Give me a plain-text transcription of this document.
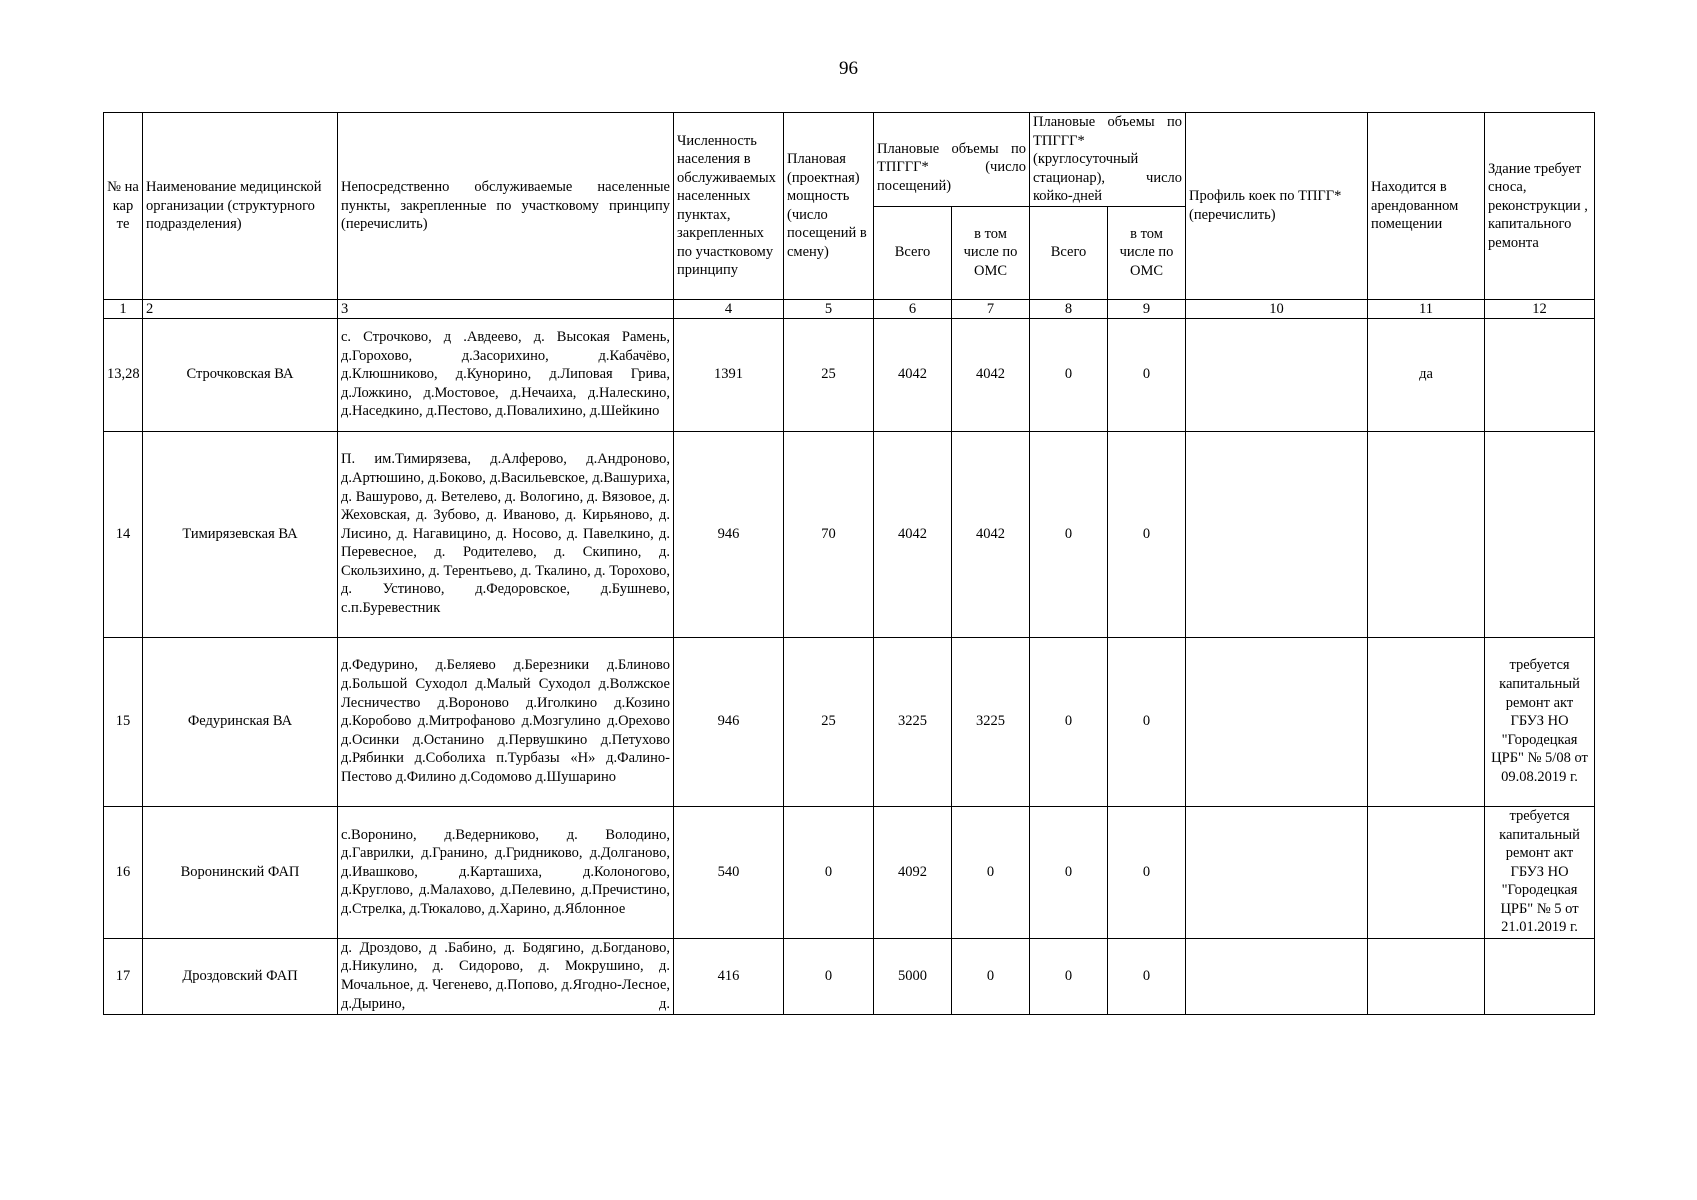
96
№ на кар те	Наименование медицинской организации (структурного подразделения)	Непосредственно обслуживаемые населенные пункты, закрепленные по участковому принципу (перечислить)	Численность населения в обслуживаемых населенных пунктах, закрепленных по участковому принципу	Плановая (проектная) мощность (число посещений в смену)	Плановые объемы по ТПГГГ* (число посещений)		Плановые объемы по ТПГГГ* (круглосуточный стационар), число койко-дней		Профиль коек по ТПГГ* (перечислить)	Находится в арендованном помещении	Здание требует сноса, реконструкции , капитального ремонта
					Всего	в том числе по ОМС	Всего	в том числе по ОМС			
1	2	3	4	5	6	7	8	9	10	11	12
13,28	Строчковская ВА	с. Строчково, д .Авдеево, д. Высокая Рамень, д.Горохово, д.Засорихино, д.Кабачёво, д.Клюшниково, д.Кунорино, д.Липовая Грива, д.Ложкино, д.Мостовое, д.Нечаиха, д.Налескино, д.Наседкино, д.Пестово, д.Повалихино, д.Шейкино	1391	25	4042	4042	0	0		да	
14	Тимирязевская ВА	П. им.Тимирязева, д.Алферово, д.Андроново, д.Артюшино, д.Боково, д.Васильевское, д.Вашуриха, д. Вашурово, д. Ветелево, д. Вологино, д. Вязовое, д. Жеховская, д. Зубово, д. Иваново, д. Кирьяново, д. Лисино, д. Нагавицино, д. Носово, д. Павелкино, д. Перевесное, д. Родителево, д. Скипино, д. Скользихино, д. Терентьево, д. Ткалино, д. Торохово, д. Устиново, д.Федоровское, д.Бушнево, с.п.Буревестник	946	70	4042	4042	0	0			
15	Федуринская ВА	д.Федурино, д.Беляево д.Березники д.Блиново д.Большой Суходол д.Малый Суходол д.Волжское Лесничество д.Вороново д.Иголкино д.Козино д.Коробово д.Митрофаново д.Мозгулино д.Орехово д.Осинки д.Останино д.Первушкино д.Петухово д.Рябинки д.Соболиха п.Турбазы «Н» д.Фалино-Пестово д.Филино д.Содомово д.Шушарино	946	25	3225	3225	0	0			требуется капитальный ремонт акт ГБУЗ НО "Городецкая ЦРБ" № 5/08 от 09.08.2019 г.
16	Воронинский ФАП	с.Воронино, д.Ведерниково, д. Володино, д.Гаврилки, д.Гранино, д.Гридниково, д.Долганово, д.Ивашково, д.Карташиха, д.Колоногово, д.Круглово, д.Малахово, д.Пелевино, д.Пречистино, д.Стрелка, д.Тюкалово, д.Харино, д.Яблонное	540	0	4092	0	0	0			требуется капитальный ремонт акт ГБУЗ НО "Городецкая ЦРБ" № 5 от 21.01.2019 г.
17	Дроздовский ФАП	д. Дроздово, д .Бабино, д. Бодягино, д.Богданово, д.Никулино, д. Сидорово, д. Мокрушино, д. Мочальное, д. Чегенево, д.Попово, д.Ягодно-Лесное, д.Дырино, д.	416	0	5000	0	0	0			
